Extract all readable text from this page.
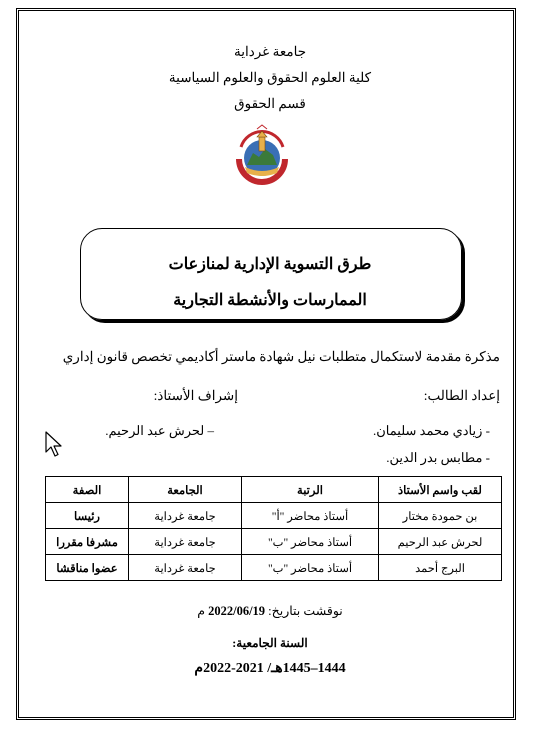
جامعة غرداية
كلية العلوم الحقوق والعلوم السياسية
قسم الحقوق
طرق التسوية الإدارية لمنازعات
الممارسات والأنشطة التجارية
مذكرة مقدمة لاستكمال متطلبات نيل شهادة ماستر أكاديمي تخصص قانون إداري
إعداد الطالب:
إشراف الأستاذ:
- زيادي محمد سليمان.
- مطابس بدر الدين.
– لحرش عبد الرحيم.
لقب واسم الأستاذ	الرتبة	الجامعة	الصفة
بن حمودة مختار	أستاذ محاضر "أ"	جامعة غرداية	رئيسا
لحرش عبد الرحيم	أستاذ محاضر "ب"	جامعة غرداية	مشرفا مقررا
البرج أحمد	أستاذ محاضر "ب"	جامعة غرداية	عضوا مناقشا
نوقشت بتاريخ: 2022/06/19 م
السنة الجامعية:
1444–1445هـ/ 2021-2022م
